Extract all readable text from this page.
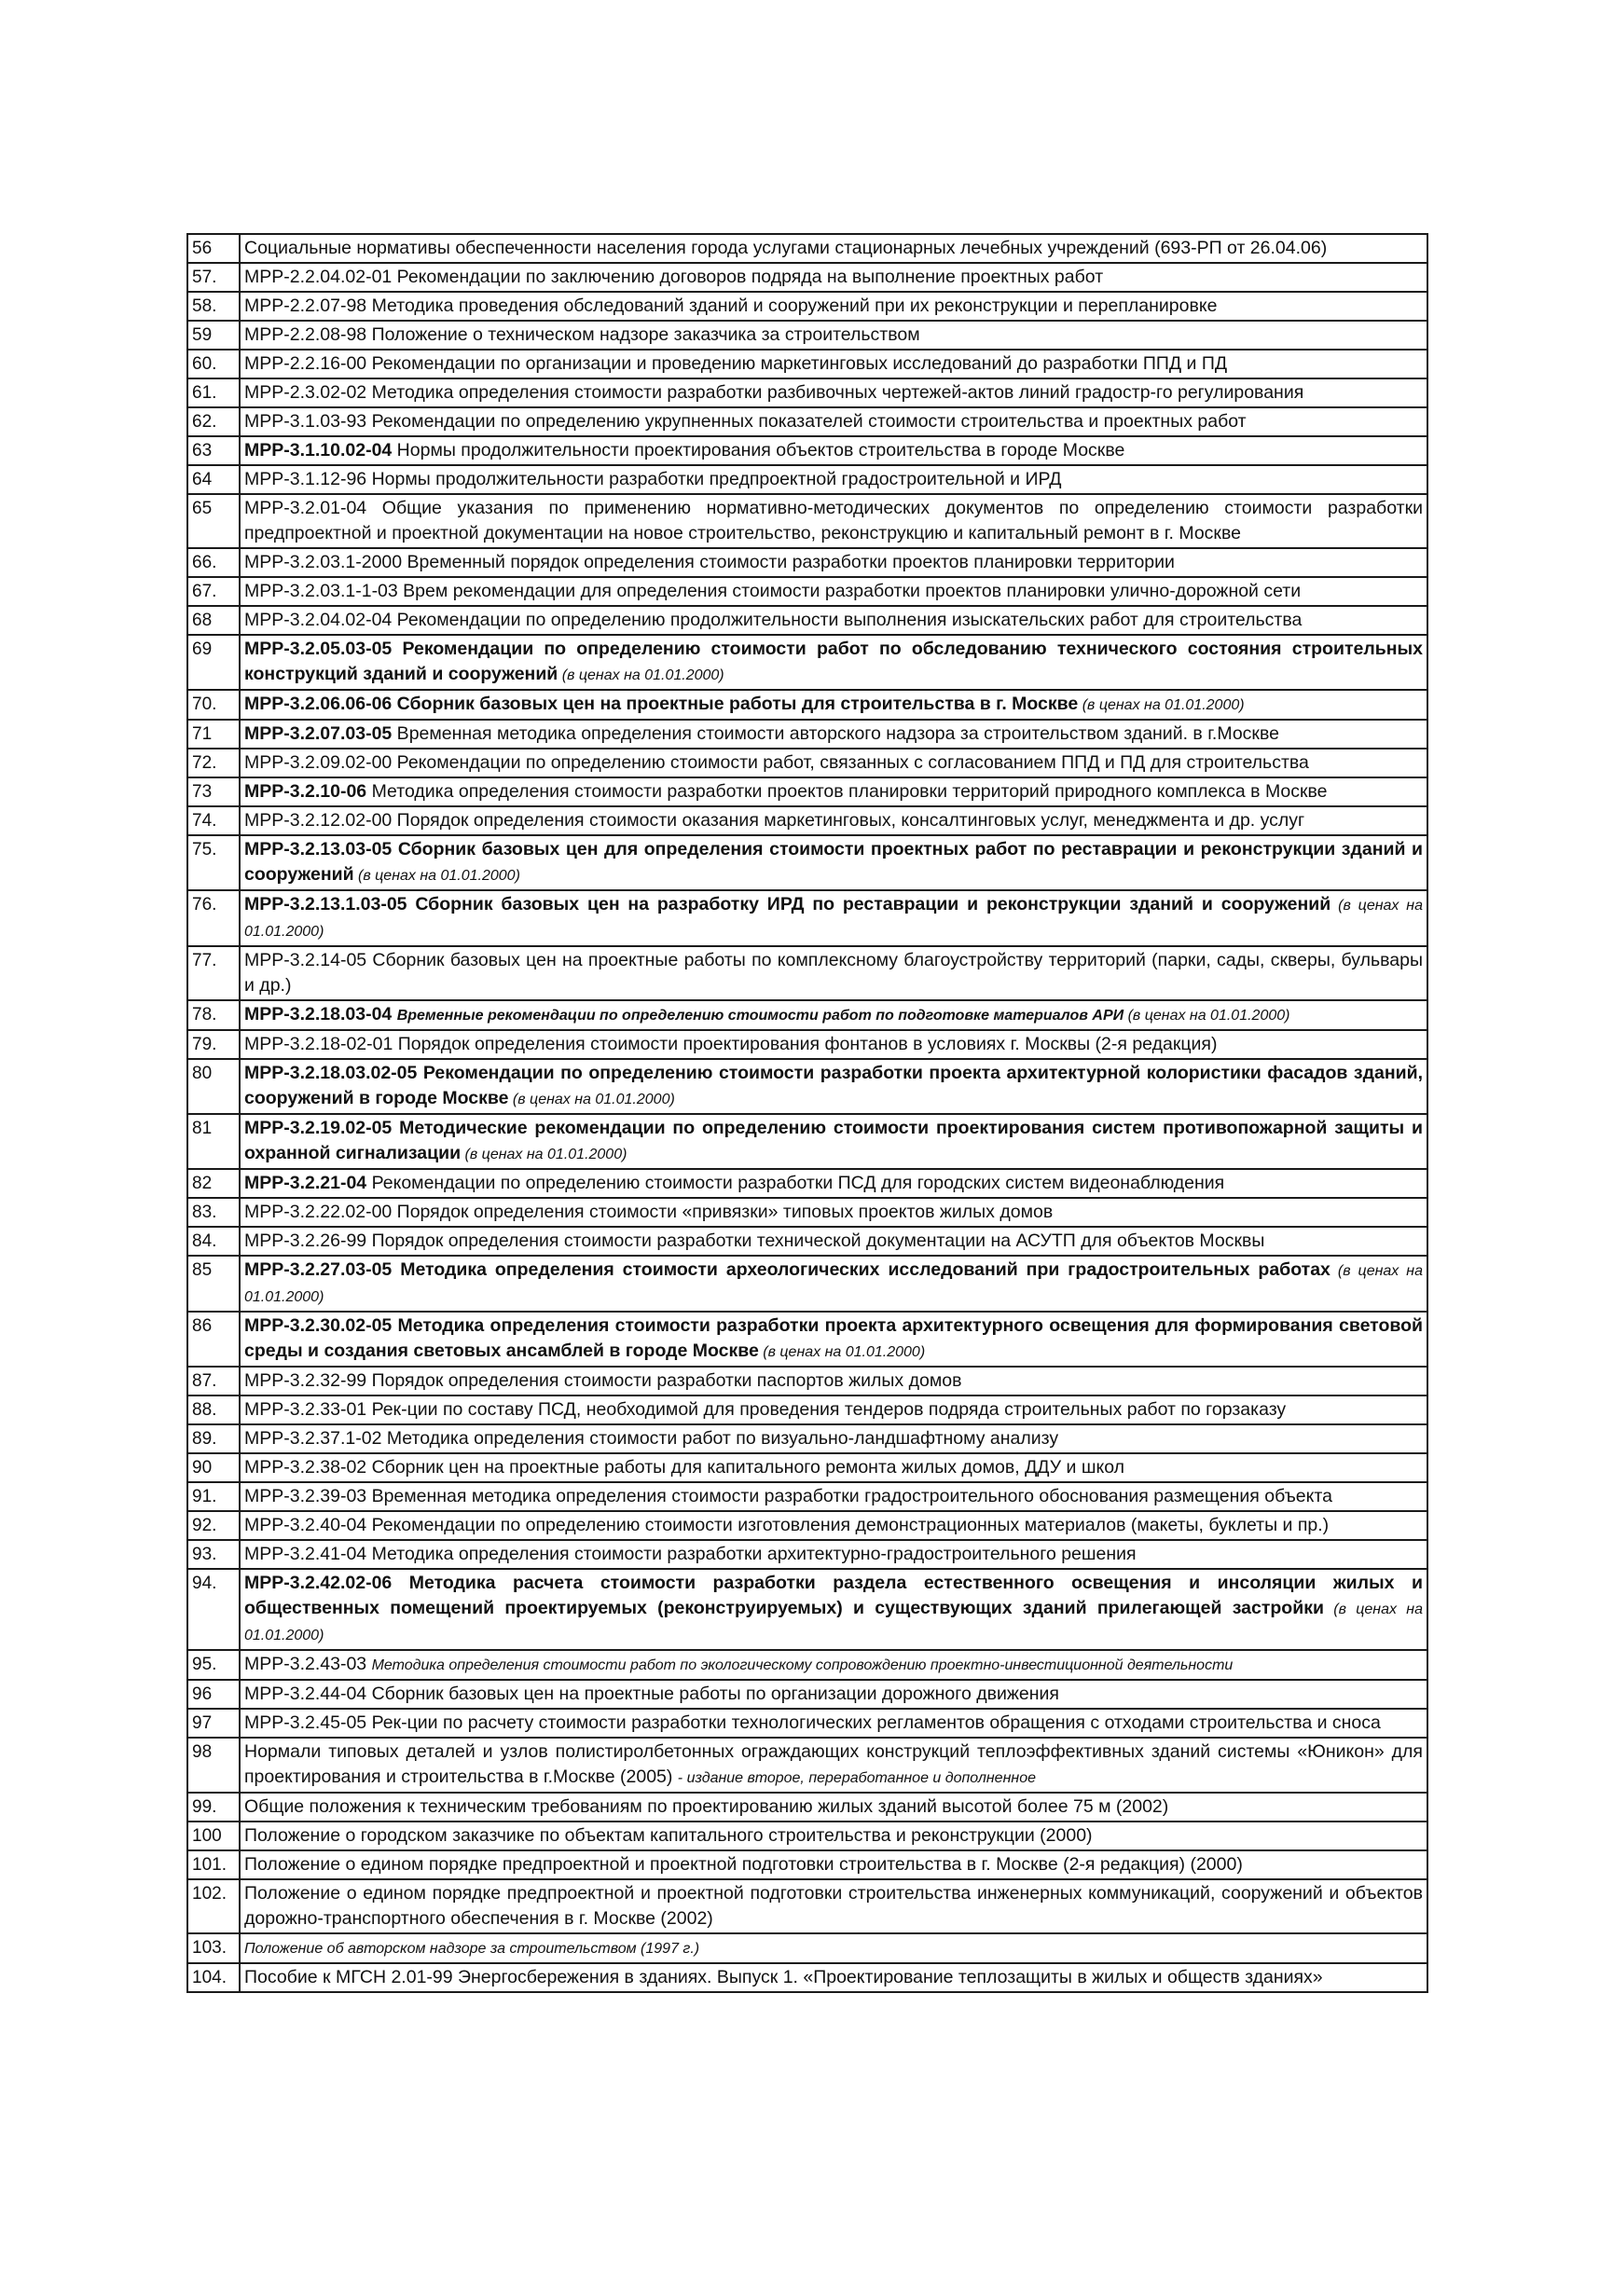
56	Социальные нормативы обеспеченности населения города услугами стационарных лечебных учреждений (693-РП от 26.04.06)
57.	МРР-2.2.04.02-01 Рекомендации по заключению договоров подряда на выполнение проектных работ
58.	МРР-2.2.07-98 Методика проведения обследований зданий и сооружений при их реконструкции и перепланировке
59	МРР-2.2.08-98 Положение о техническом надзоре заказчика за строительством
60.	МРР-2.2.16-00 Рекомендации по организации и проведению маркетинговых исследований до разработки ППД и ПД
61.	МРР-2.3.02-02 Методика определения стоимости разработки разбивочных чертежей-актов линий градостр-го регулирования
62.	МРР-3.1.03-93 Рекомендации по определению укрупненных показателей стоимости строительства и проектных работ
63	МРР-3.1.10.02-04 Нормы продолжительности проектирования объектов строительства в городе Москве
64	МРР-3.1.12-96 Нормы продолжительности разработки предпроектной градостроительной и ИРД
65	МРР-3.2.01-04 Общие указания по применению нормативно-методических документов по определению стоимости разработки предпроектной и проектной документации на новое строительство, реконструкцию и капитальный ремонт в г. Москве
66.	МРР-3.2.03.1-2000 Временный порядок определения стоимости разработки проектов планировки территории
67.	МРР-3.2.03.1-1-03 Врем рекомендации для определения стоимости разработки проектов планировки улично-дорожной сети
68	МРР-3.2.04.02-04 Рекомендации по определению продолжительности выполнения изыскательских работ для строительства
69	МРР-3.2.05.03-05 Рекомендации по определению стоимости работ по обследованию технического состояния строительных конструкций зданий и сооружений (в ценах на 01.01.2000)
70.	МРР-3.2.06.06-06 Сборник базовых цен на проектные работы для строительства в г. Москве (в ценах на 01.01.2000)
71	МРР-3.2.07.03-05 Временная методика определения стоимости авторского надзора за строительством зданий. в г.Москве
72.	МРР-3.2.09.02-00 Рекомендации по определению стоимости работ, связанных с согласованием ППД и ПД для строительства
73	МРР-3.2.10-06 Методика определения стоимости разработки проектов планировки территорий природного комплекса в Москве
74.	МРР-3.2.12.02-00 Порядок определения стоимости оказания маркетинговых, консалтинговых услуг, менеджмента и др. услуг
75.	МРР-3.2.13.03-05 Сборник базовых цен для определения стоимости проектных работ по реставрации и реконструкции зданий и сооружений (в ценах на 01.01.2000)
76.	МРР-3.2.13.1.03-05 Сборник базовых цен на разработку ИРД по реставрации и реконструкции зданий и сооружений (в ценах на 01.01.2000)
77.	МРР-3.2.14-05 Сборник базовых цен на проектные работы по комплексному благоустройству территорий (парки, сады, скверы, бульвары и др.)
78.	МРР-3.2.18.03-04 Временные рекомендации по определению стоимости работ по подготовке материалов АРИ (в ценах на 01.01.2000)
79.	МРР-3.2.18-02-01 Порядок определения стоимости проектирования фонтанов в условиях г. Москвы (2-я редакция)
80	МРР-3.2.18.03.02-05 Рекомендации по определению стоимости разработки проекта архитектурной колористики фасадов зданий, сооружений в городе Москве (в ценах на 01.01.2000)
81	МРР-3.2.19.02-05 Методические рекомендации по определению стоимости проектирования систем противопожарной защиты и охранной сигнализации (в ценах на 01.01.2000)
82	МРР-3.2.21-04 Рекомендации по определению стоимости разработки ПСД для городских систем видеонаблюдения
83.	МРР-3.2.22.02-00 Порядок определения стоимости «привязки» типовых проектов жилых домов
84.	МРР-3.2.26-99 Порядок определения стоимости разработки технической документации на АСУТП для объектов Москвы
85	МРР-3.2.27.03-05 Методика определения стоимости археологических исследований при градостроительных работах (в ценах на 01.01.2000)
86	МРР-3.2.30.02-05 Методика определения стоимости разработки проекта архитектурного освещения для формирования световой среды и создания световых ансамблей в городе Москве (в ценах на 01.01.2000)
87.	МРР-3.2.32-99 Порядок определения стоимости разработки паспортов жилых домов
88.	МРР-3.2.33-01 Рек-ции по составу ПСД, необходимой для проведения тендеров подряда строительных работ по горзаказу
89.	МРР-3.2.37.1-02 Методика определения стоимости работ по визуально-ландшафтному анализу
90	МРР-3.2.38-02 Сборник цен на проектные работы для капитального ремонта жилых домов, ДДУ и школ
91.	МРР-3.2.39-03 Временная методика определения стоимости разработки градостроительного обоснования размещения объекта
92.	МРР-3.2.40-04 Рекомендации по определению стоимости изготовления демонстрационных материалов (макеты, буклеты и пр.)
93.	МРР-3.2.41-04 Методика определения стоимости разработки архитектурно-градостроительного решения
94.	МРР-3.2.42.02-06 Методика расчета стоимости разработки раздела естественного освещения и инсоляции жилых и общественных помещений проектируемых (реконструируемых) и существующих зданий прилегающей застройки (в ценах на 01.01.2000)
95.	МРР-3.2.43-03 Методика определения стоимости работ по экологическому сопровождению проектно-инвестиционной деятельности
96	МРР-3.2.44-04 Сборник базовых цен на проектные работы по организации дорожного движения
97	МРР-3.2.45-05 Рек-ции по расчету стоимости разработки технологических регламентов обращения с отходами строительства и сноса
98	Нормали типовых деталей и узлов полистиролбетонных ограждающих конструкций теплоэффективных зданий системы «Юникон» для проектирования и строительства в г.Москве (2005) - издание второе, переработанное и дополненное
99.	Общие положения к техническим требованиям по проектированию жилых зданий высотой более 75 м (2002)
100	Положение о городском заказчике по объектам капитального строительства и реконструкции (2000)
101.	Положение о едином порядке предпроектной и проектной подготовки строительства в г. Москве (2-я редакция) (2000)
102.	Положение о едином порядке предпроектной и проектной подготовки строительства инженерных коммуникаций, сооружений и объектов дорожно-транспортного обеспечения в г. Москве (2002)
103.	Положение об авторском надзоре за строительством (1997 г.)
104.	Пособие к МГСН 2.01-99 Энергосбережения в зданиях. Выпуск 1. «Проектирование теплозащиты в жилых и обществ зданиях»
